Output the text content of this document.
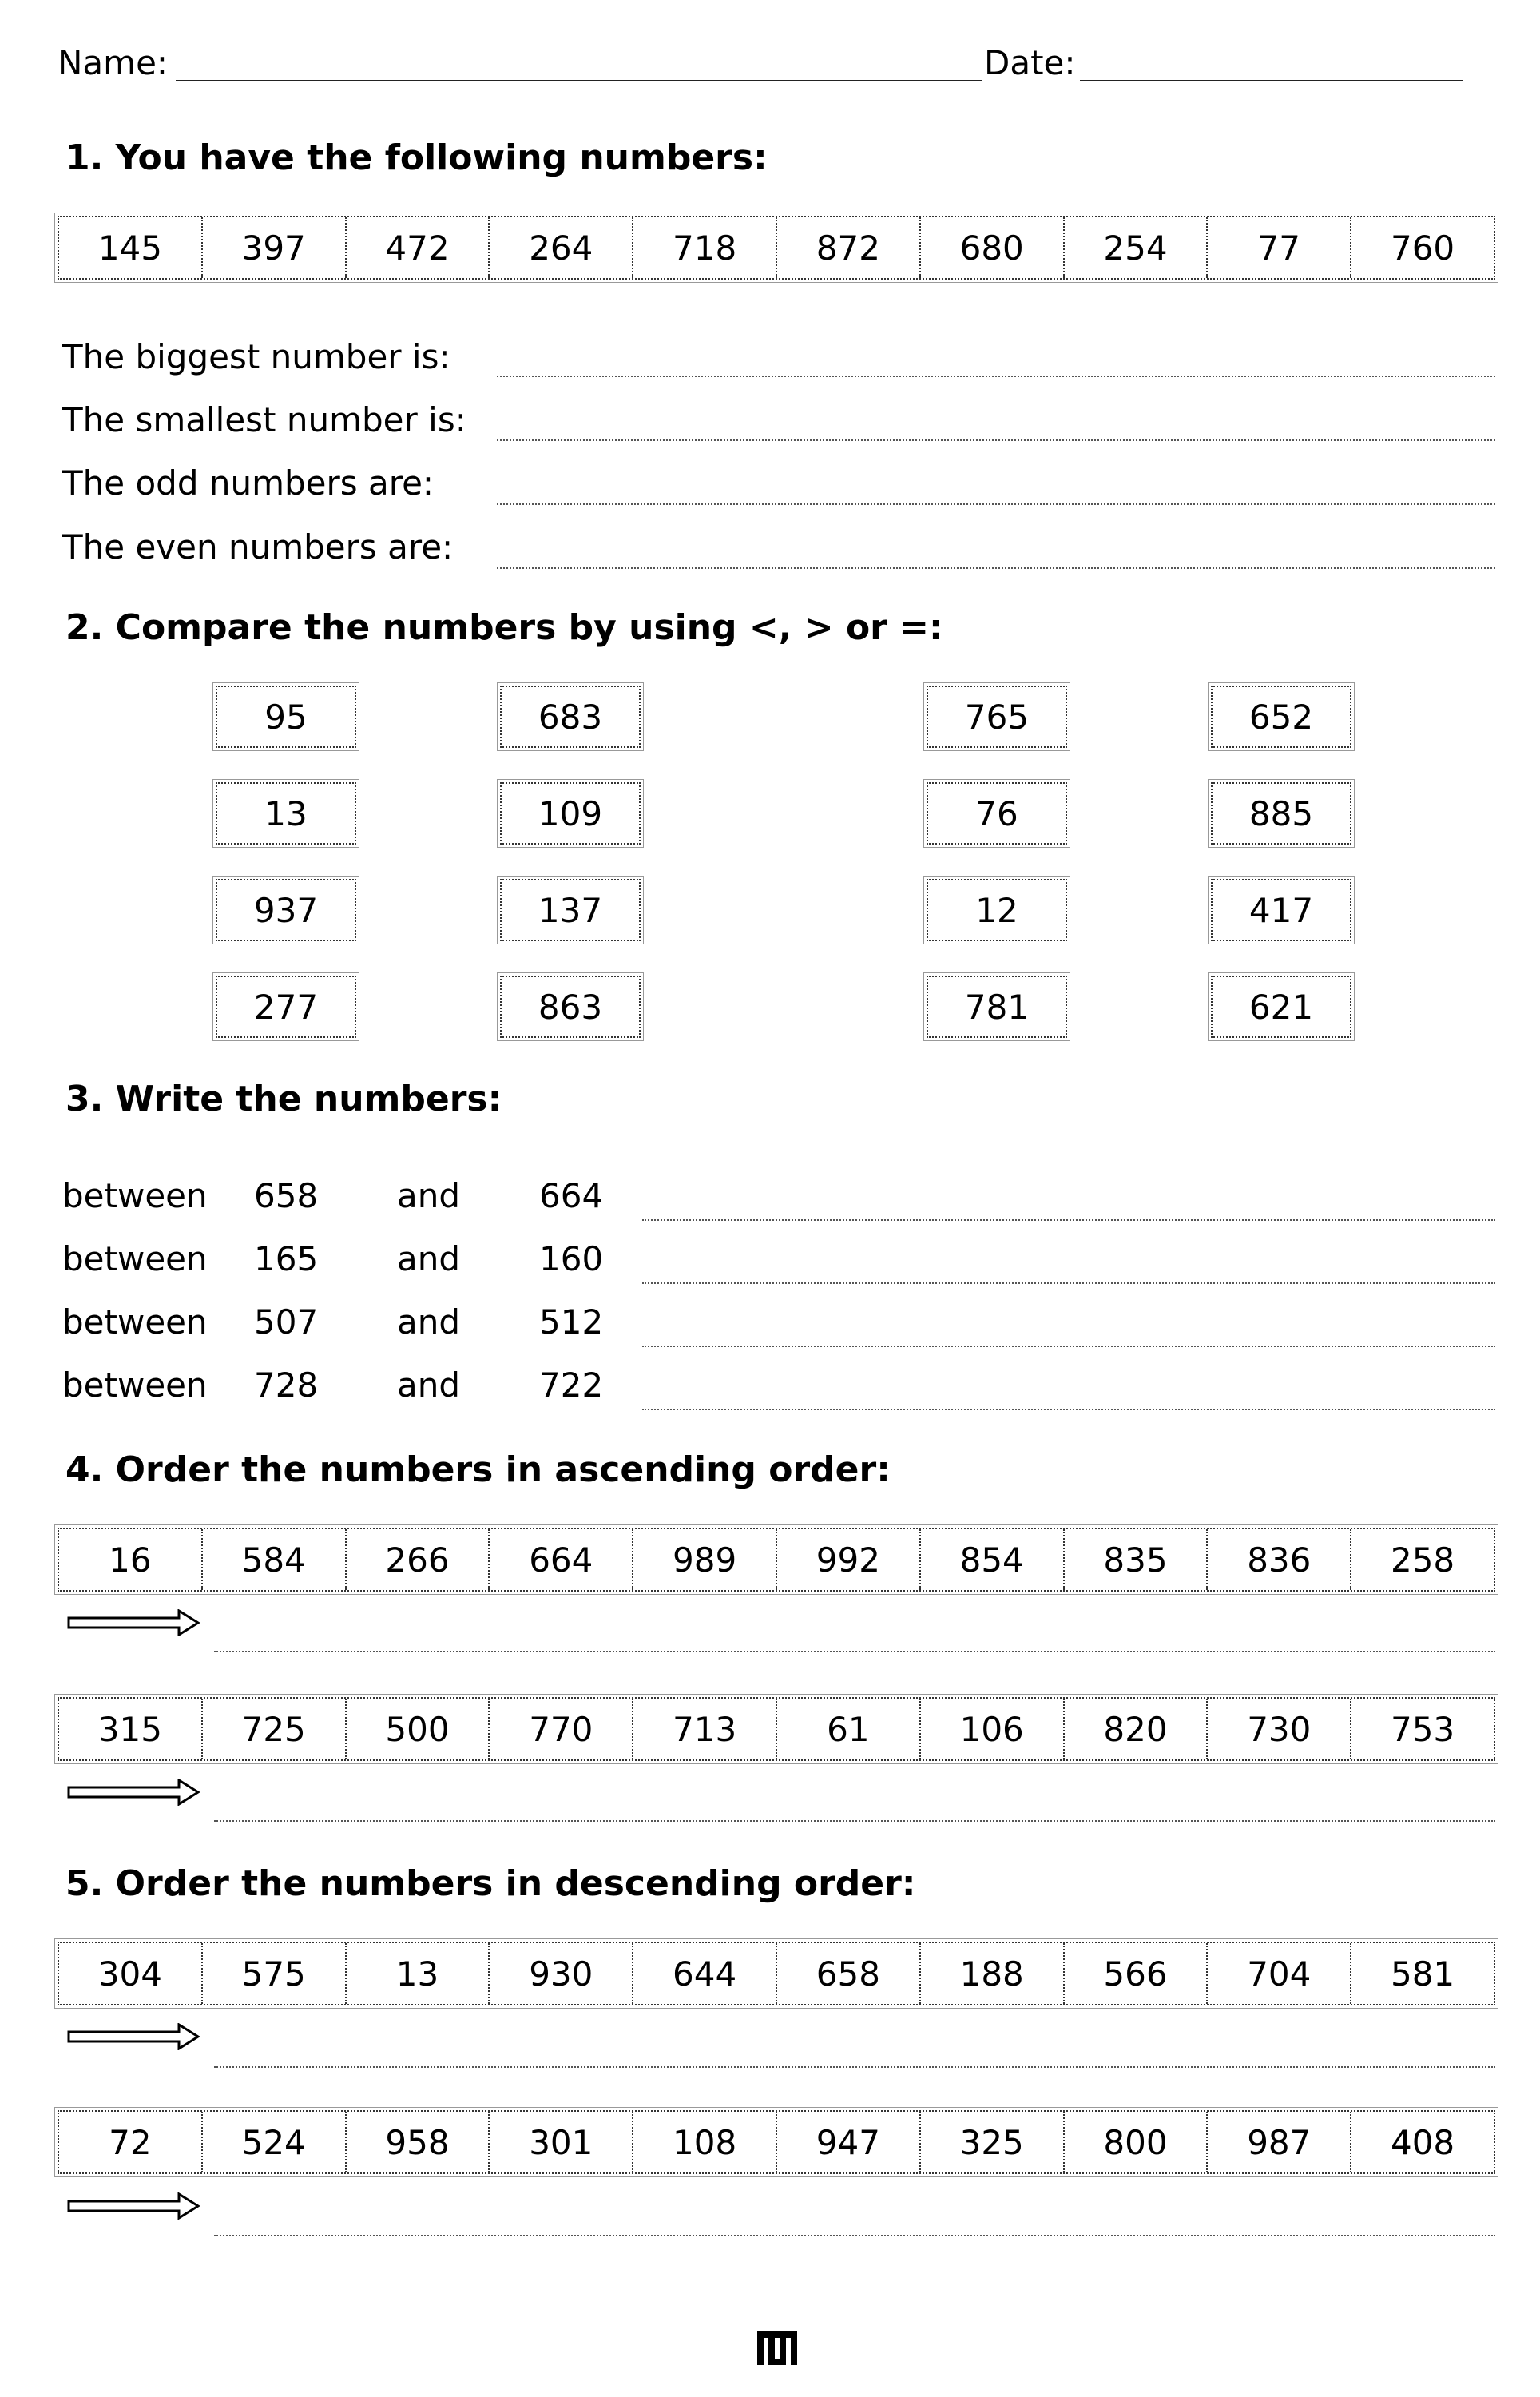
Name:	Date:
1. You have the following numbers:
145	397	472	264	718	872	680	254	77	760
The biggest number is:
The smallest number is:
The odd numbers are:
The even numbers are:
2. Compare the numbers by using <, > or =:
95	683	765	652
13	109	76	885
937	137	12	417
277	863	781	621
3. Write the numbers:
between 658 and 664
between 165 and 160
between 507 and 512
between 728 and 722
4. Order the numbers in ascending order:
16	584	266	664	989	992	854	835	836	258
315	725	500	770	713	61	106	820	730	753
5. Order the numbers in descending order:
304	575	13	930	644	658	188	566	704	581
72	524	958	301	108	947	325	800	987	408
